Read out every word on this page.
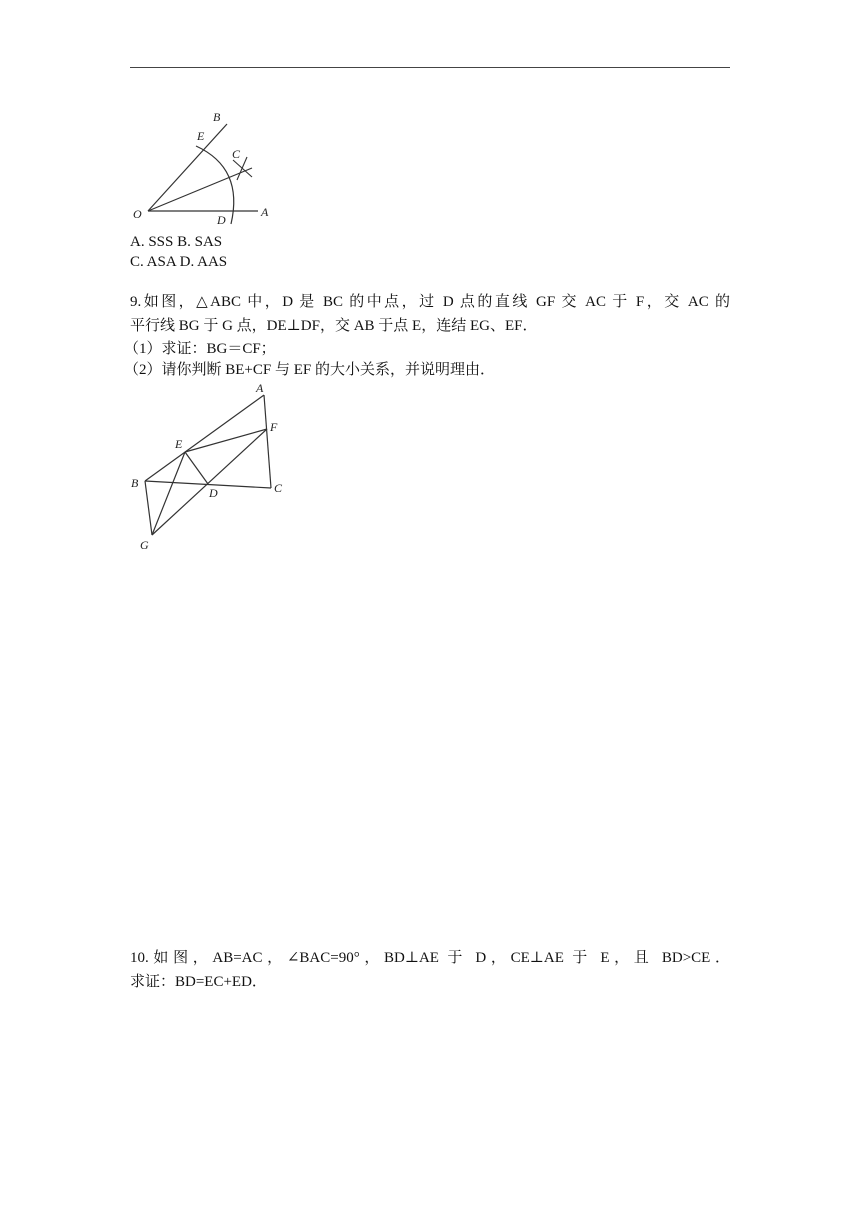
O	A
B
C
D
E
A. SSS B. SAS
C. ASA D. AAS
9.如图，△ABC 中，D 是 BC 的中点，过 D 点的直线 GF 交 AC 于 F，交 AC 的
平行线 BG 于 G 点，DE⊥DF，交 AB 于点 E，连结 EG、EF．
（1）求证：BG＝CF；
（2）请你判断 BE+CF 与 EF 的大小关系，并说明理由．
A
B	C
D
E
F
G
10.如图，AB=AC，∠BAC=90°，BD⊥AE 于 D，CE⊥AE 于 E，且 BD>CE．
求证：BD=EC+ED．
